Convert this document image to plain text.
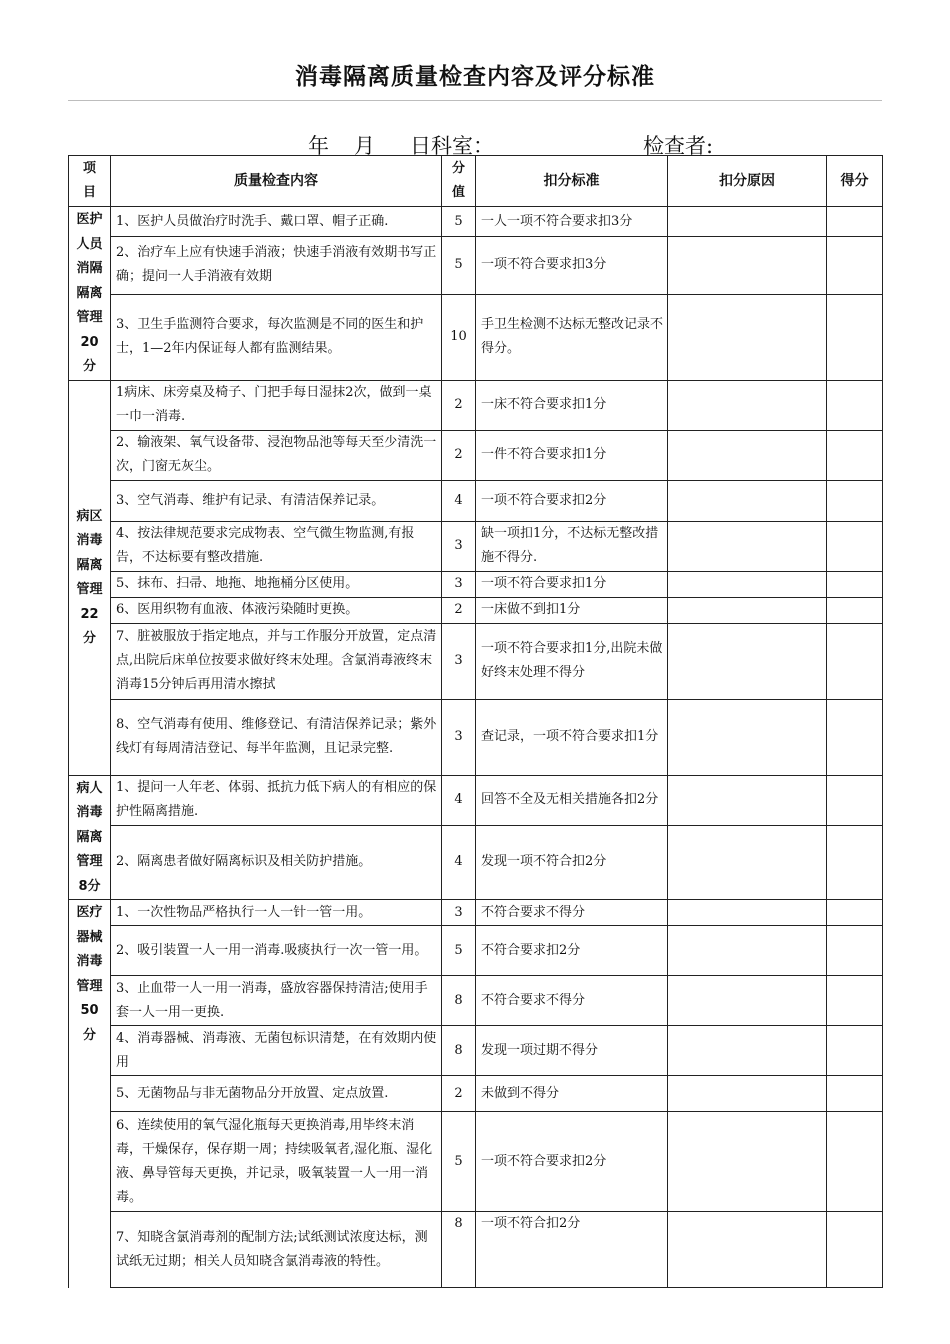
消毒隔离质量检查内容及评分标准
年 月 日科室：	检查者:
项目	质量检查内容	分值	扣分标准	扣分原因	得分
医护人员消隔隔离管理20分	1、医护人员做治疗时洗手、戴口罩、帽子正确.	5	一人一项不符合要求扣3分		
	2、治疗车上应有快速手消液；快速手消液有效期书写正确；提问一人手消液有效期	5	一项不符合要求扣3分		
	3、卫生手监测符合要求，每次监测是不同的医生和护士，1—2年内保证每人都有监测结果。	10	手卫生检测不达标无整改记录不得分。		
病区消毒隔离管理22分	1病床、床旁桌及椅子、门把手每日湿抹2次，做到一桌一巾一消毒.	2	一床不符合要求扣1分		
	2、输液架、氧气设备带、浸泡物品池等每天至少清洗一次，门窗无灰尘。	2	一件不符合要求扣1分		
	3、空气消毒、维护有记录、有清洁保养记录。	4	一项不符合要求扣2分		
	4、按法律规范要求完成物表、空气微生物监测,有报告，不达标要有整改措施.	3	缺一项扣1分，不达标无整改措施不得分.		
	5、抹布、扫帚、地拖、地拖桶分区使用。	3	一项不符合要求扣1分		
	6、医用织物有血液、体液污染随时更换。	2	一床做不到扣1分		
	7、脏被服放于指定地点，并与工作服分开放置，定点清点,出院后床单位按要求做好终末处理。含氯消毒液终末消毒15分钟后再用清水擦拭	3	一项不符合要求扣1分,出院未做好终末处理不得分		
	8、空气消毒有使用、维修登记、有清洁保养记录；紫外线灯有每周清洁登记、每半年监测，且记录完整.	3	查记录，一项不符合要求扣1分		
病人消毒隔离管理8分	1、提问一人年老、体弱、抵抗力低下病人的有相应的保护性隔离措施.	4	回答不全及无相关措施各扣2分		
	2、隔离患者做好隔离标识及相关防护措施。	4	发现一项不符合扣2分		
医疗器械消毒管理50分	1、一次性物品严格执行一人一针一管一用。	3	不符合要求不得分		
	2、吸引装置一人一用一消毒.吸痰执行一次一管一用。	5	不符合要求扣2分		
	3、止血带一人一用一消毒，盛放容器保持清洁;使用手套一人一用一更换.	8	不符合要求不得分		
	4、消毒器械、消毒液、无菌包标识清楚，在有效期内使用	8	发现一项过期不得分		
	5、无菌物品与非无菌物品分开放置、定点放置.	2	未做到不得分		
	6、连续使用的氧气湿化瓶每天更换消毒,用毕终末消毒，干燥保存，保存期一周；持续吸氧者,湿化瓶、湿化液、鼻导管每天更换，并记录，吸氧装置一人一用一消毒。	5	一项不符合要求扣2分		
	7、知晓含氯消毒剂的配制方法;试纸测试浓度达标，测试纸无过期；相关人员知晓含氯消毒液的特性。	8	一项不符合扣2分		
